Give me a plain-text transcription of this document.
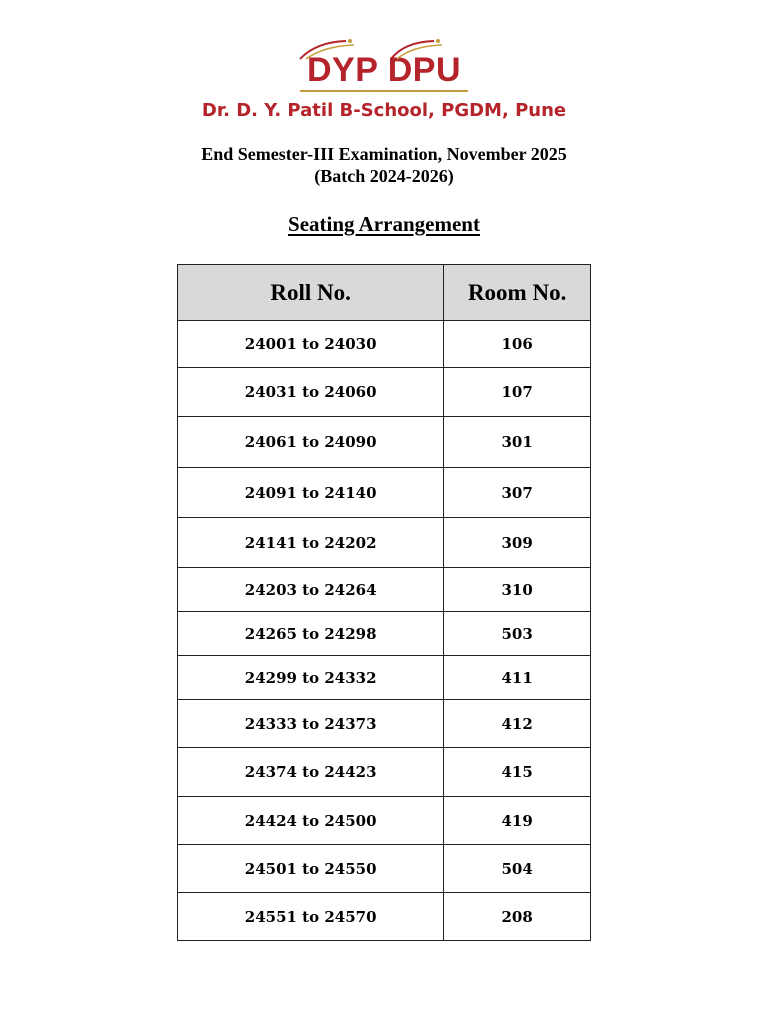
DYP DPU
Dr. D. Y. Patil B-School, PGDM, Pune
End Semester-III Examination, November 2025
(Batch 2024-2026)
Seating Arrangement
Roll No.	Room No.
24001 to 24030	106
24031 to 24060	107
24061 to 24090	301
24091 to 24140	307
24141 to 24202	309
24203 to 24264	310
24265 to 24298	503
24299 to 24332	411
24333 to 24373	412
24374 to 24423	415
24424 to 24500	419
24501 to 24550	504
24551 to 24570	208
